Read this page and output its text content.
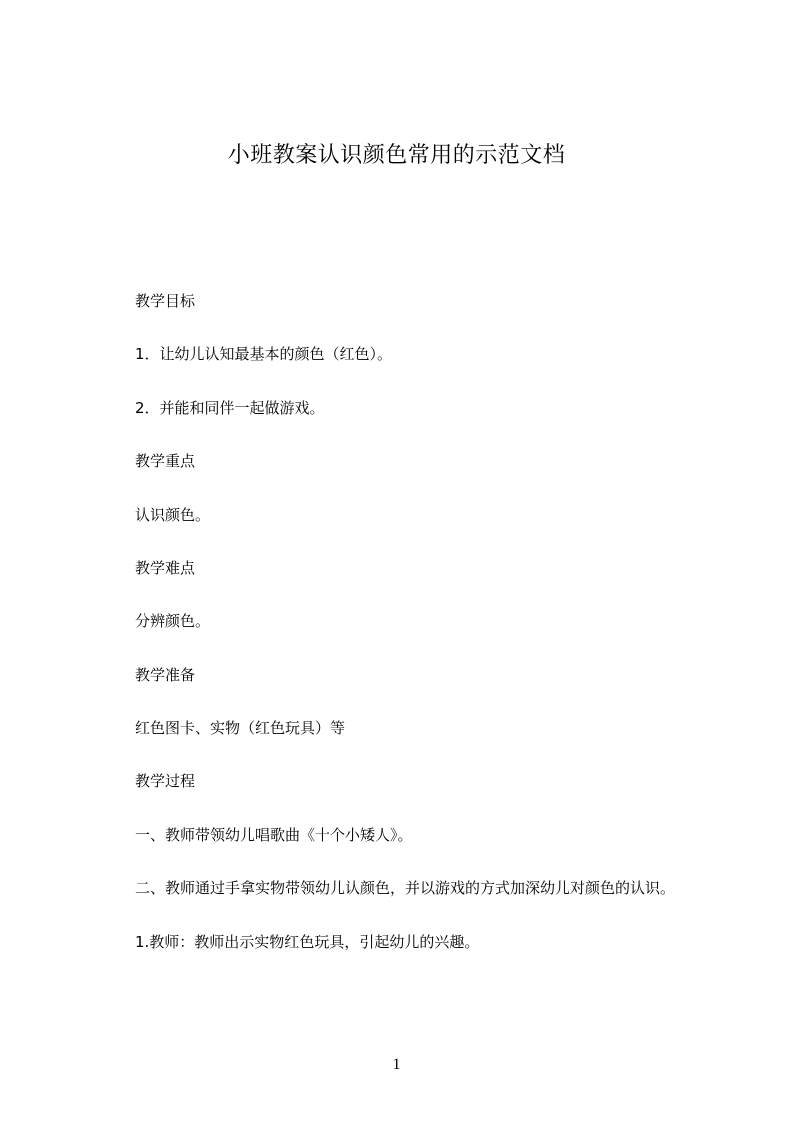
小班教案认识颜色常用的示范文档
教学目标
1．让幼儿认知最基本的颜色（红色）。
2．并能和同伴一起做游戏。
教学重点
认识颜色。
教学难点
分辨颜色。
教学准备
红色图卡、实物（红色玩具）等
教学过程
一、教师带领幼儿唱歌曲《十个小矮人》。
二、教师通过手拿实物带领幼儿认颜色，并以游戏的方式加深幼儿对颜色的认识。
1.教师：教师出示实物红色玩具，引起幼儿的兴趣。
1
